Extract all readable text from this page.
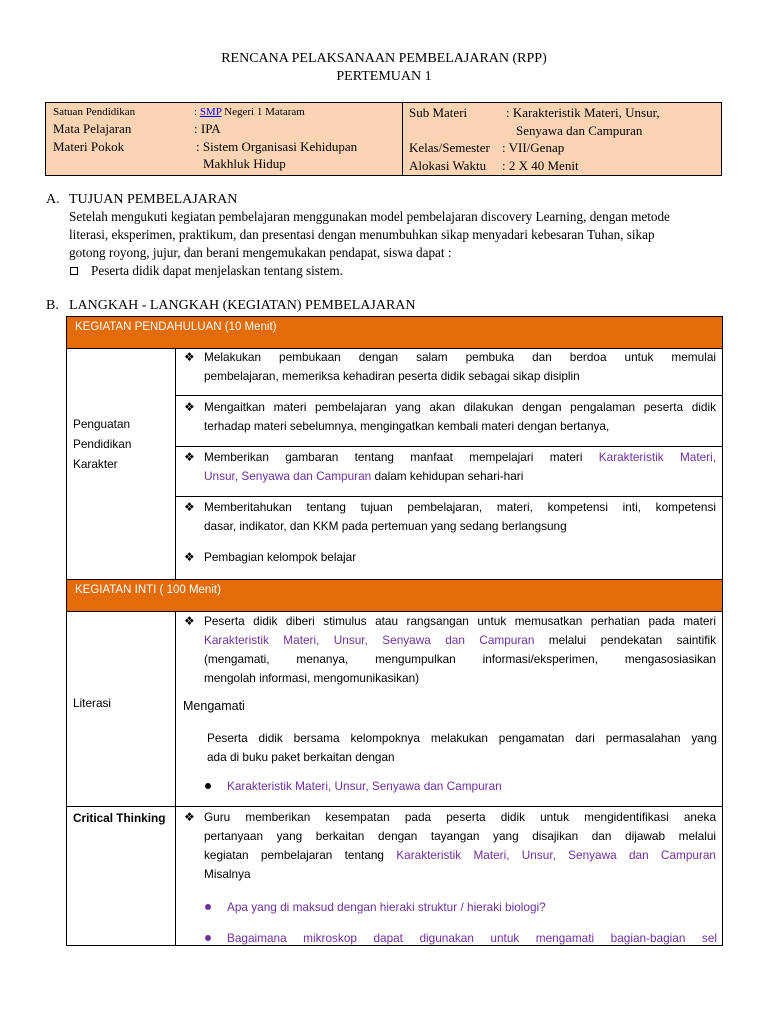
RENCANA PELAKSANAAN PEMBELAJARAN (RPP)
PERTEMUAN 1
Satuan Pendidikan	: SMP Negeri 1 Mataram
Mata Pelajaran	: IPA
Materi Pokok	: Sistem Organisasi Kehidupan
Makhluk Hidup
Sub Materi	: Karakteristik Materi, Unsur,
Senyawa dan Campuran
Kelas/Semester : VII/Genap
Alokasi Waktu : 2 X 40 Menit
A. TUJUAN PEMBELAJARAN
Setelah mengukuti kegiatan pembelajaran menggunakan model pembelajaran discovery Learning, dengan metode
literasi, eksperimen, praktikum, dan presentasi dengan menumbuhkan sikap menyadari kebesaran Tuhan, sikap
gotong royong, jujur, dan berani mengemukakan pendapat, siswa dapat :
Peserta didik dapat menjelaskan tentang sistem.
B. LANGKAH - LANGKAH (KEGIATAN) PEMBELAJARAN
KEGIATAN PENDAHULUAN (10 Menit)
Penguatan
Pendidikan
Karakter
❖ Melakukan pembukaan dengan salam pembuka dan berdoa untuk memulai
pembelajaran, memeriksa kehadiran peserta didik sebagai sikap disiplin
❖ Mengaitkan materi pembelajaran yang akan dilakukan dengan pengalaman peserta didik
terhadap materi sebelumnya, mengingatkan kembali materi dengan bertanya,
❖ Memberikan gambaran tentang manfaat mempelajari materi Karakteristik Materi,
Unsur, Senyawa dan Campuran dalam kehidupan sehari-hari
❖ Memberitahukan tentang tujuan pembelajaran, materi, kompetensi inti, kompetensi
dasar, indikator, dan KKM pada pertemuan yang sedang berlangsung
❖ Pembagian kelompok belajar
KEGIATAN INTI ( 100 Menit)
Literasi
❖ Peserta didik diberi stimulus atau rangsangan untuk memusatkan perhatian pada materi
Karakteristik Materi, Unsur, Senyawa dan Campuran melalui pendekatan saintifik
(mengamati, menanya, mengumpulkan informasi/eksperimen, mengasosiasikan
mengolah informasi, mengomunikasikan)
Mengamati
Peserta didik bersama kelompoknya melakukan pengamatan dari permasalahan yang
ada di buku paket berkaitan dengan
Karakteristik Materi, Unsur, Senyawa dan Campuran
Critical Thinking ❖ Guru memberikan kesempatan pada peserta didik untuk mengidentifikasi aneka
pertanyaan yang berkaitan dengan tayangan yang disajikan dan dijawab melalui
kegiatan pembelajaran tentang Karakteristik Materi, Unsur, Senyawa dan Campuran
Misalnya
Apa yang di maksud dengan hieraki struktur / hieraki biologi?
Bagaimana mikroskop dapat digunakan untuk mengamati bagian-bagian sel
